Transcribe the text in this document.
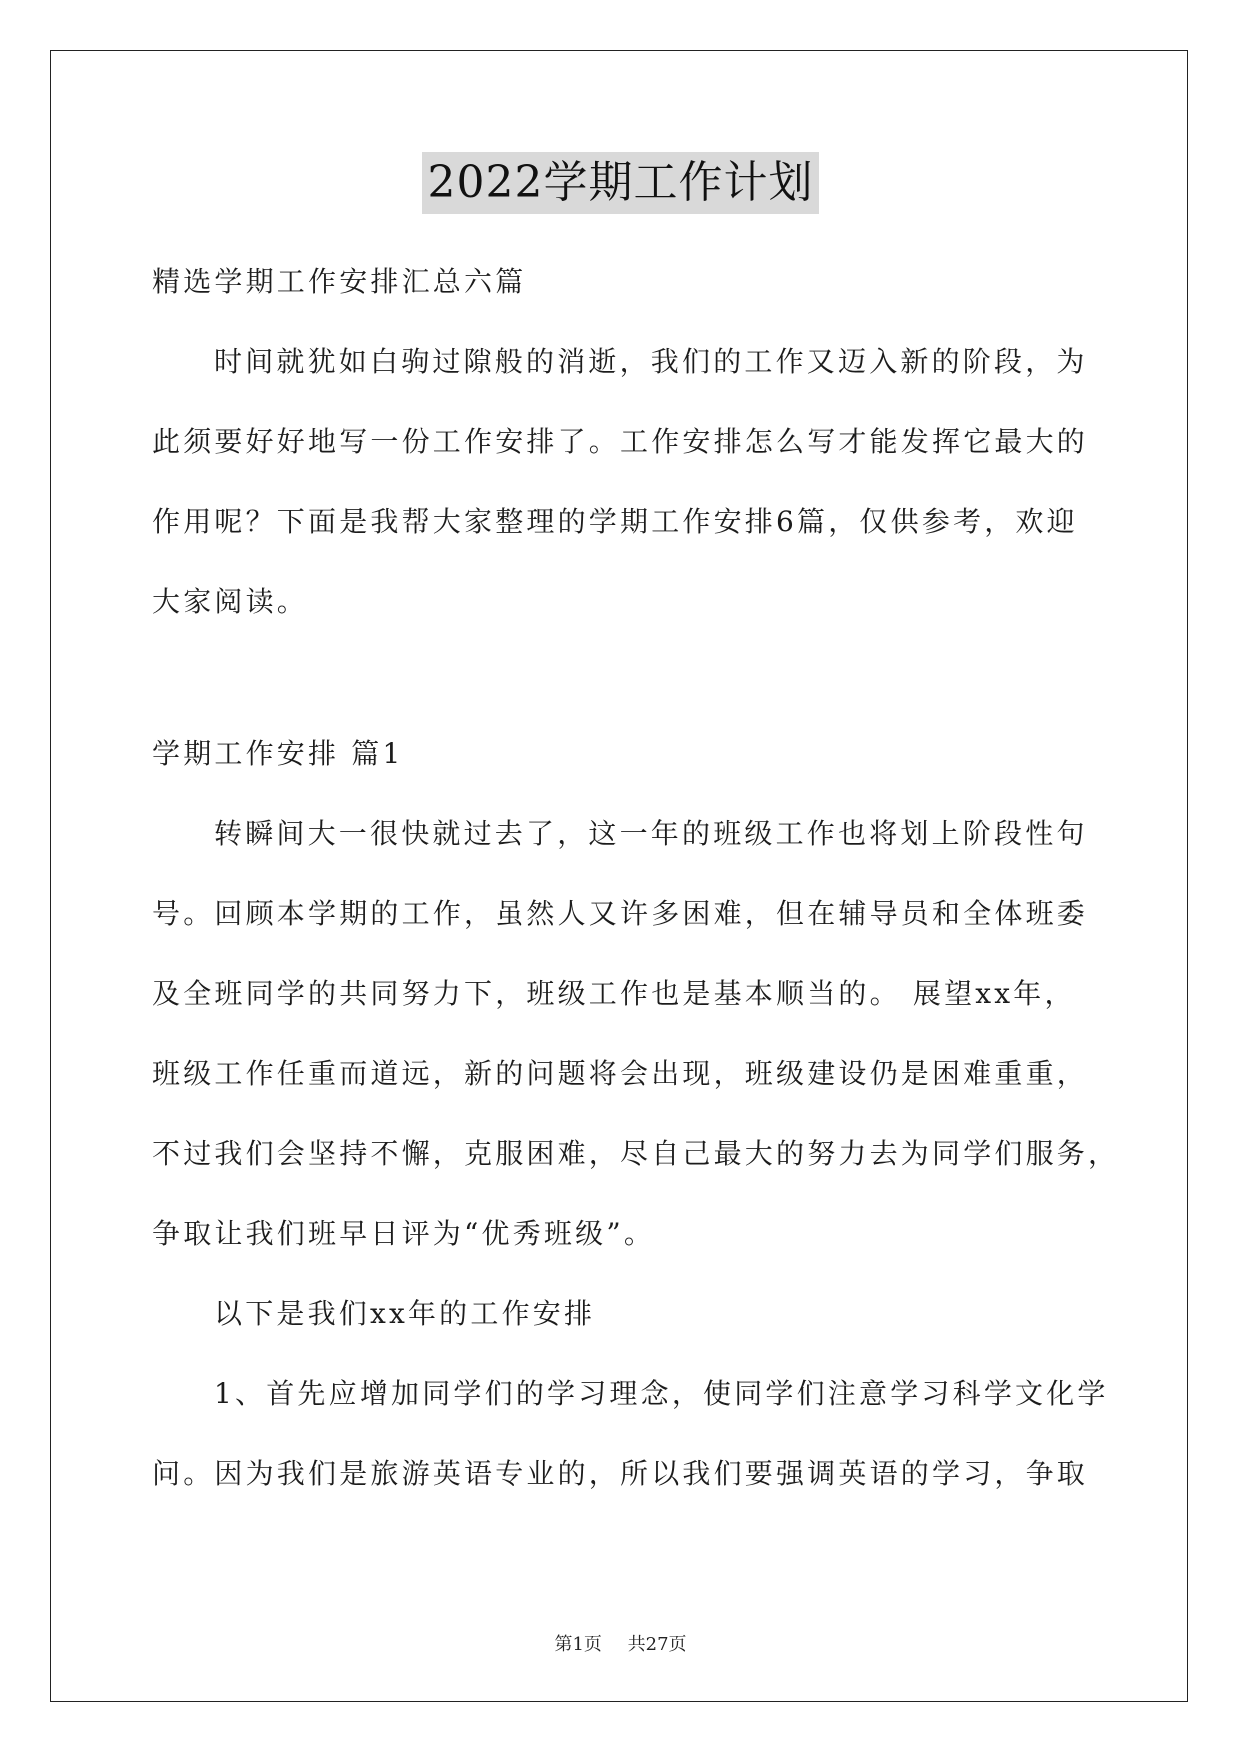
2022学期工作计划
精选学期工作安排汇总六篇
时间就犹如白驹过隙般的消逝，我们的工作又迈入新的阶段，为
此须要好好地写一份工作安排了。工作安排怎么写才能发挥它最大的
作用呢？下面是我帮大家整理的学期工作安排6篇，仅供参考，欢迎
大家阅读。
学期工作安排 篇1
转瞬间大一很快就过去了，这一年的班级工作也将划上阶段性句
号。回顾本学期的工作，虽然人又许多困难，但在辅导员和全体班委
及全班同学的共同努力下，班级工作也是基本顺当的。 展望xx年，
班级工作任重而道远，新的问题将会出现，班级建设仍是困难重重，
不过我们会坚持不懈，克服困难，尽自己最大的努力去为同学们服务，
争取让我们班早日评为“优秀班级”。
以下是我们xx年的工作安排
1、首先应增加同学们的学习理念，使同学们注意学习科学文化学
问。因为我们是旅游英语专业的，所以我们要强调英语的学习，争取
第1页 共27页
